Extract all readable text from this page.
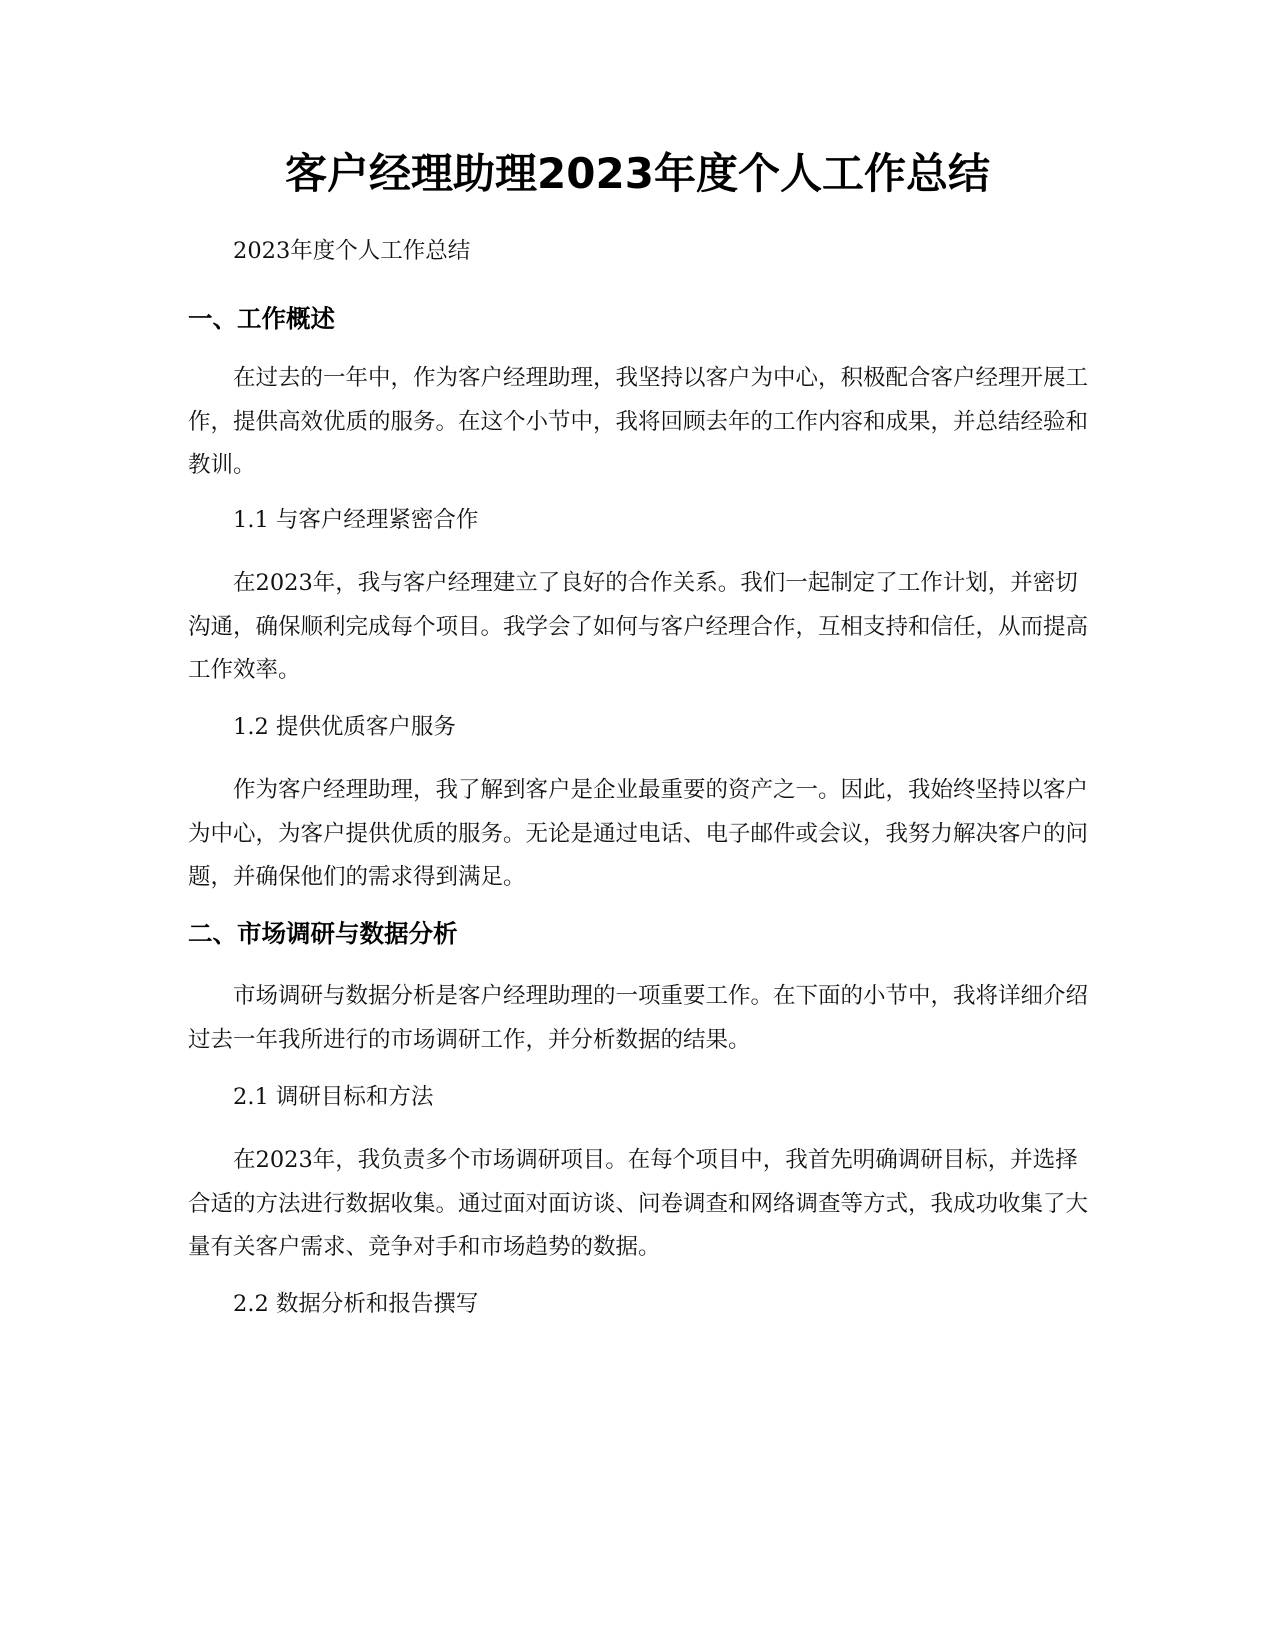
客户经理助理2023年度个人工作总结

2023年度个人工作总结

一、工作概述

在过去的一年中，作为客户经理助理，我坚持以客户为中心，积极配合客户经理开展工作，提供高效优质的服务。在这个小节中，我将回顾去年的工作内容和成果，并总结经验和教训。

1.1 与客户经理紧密合作

在2023年，我与客户经理建立了良好的合作关系。我们一起制定了工作计划，并密切沟通，确保顺利完成每个项目。我学会了如何与客户经理合作，互相支持和信任，从而提高工作效率。

1.2 提供优质客户服务

作为客户经理助理，我了解到客户是企业最重要的资产之一。因此，我始终坚持以客户为中心，为客户提供优质的服务。无论是通过电话、电子邮件或会议，我努力解决客户的问题，并确保他们的需求得到满足。

二、市场调研与数据分析

市场调研与数据分析是客户经理助理的一项重要工作。在下面的小节中，我将详细介绍过去一年我所进行的市场调研工作，并分析数据的结果。

2.1 调研目标和方法

在2023年，我负责多个市场调研项目。在每个项目中，我首先明确调研目标，并选择合适的方法进行数据收集。通过面对面访谈、问卷调查和网络调查等方式，我成功收集了大量有关客户需求、竞争对手和市场趋势的数据。

2.2 数据分析和报告撰写
